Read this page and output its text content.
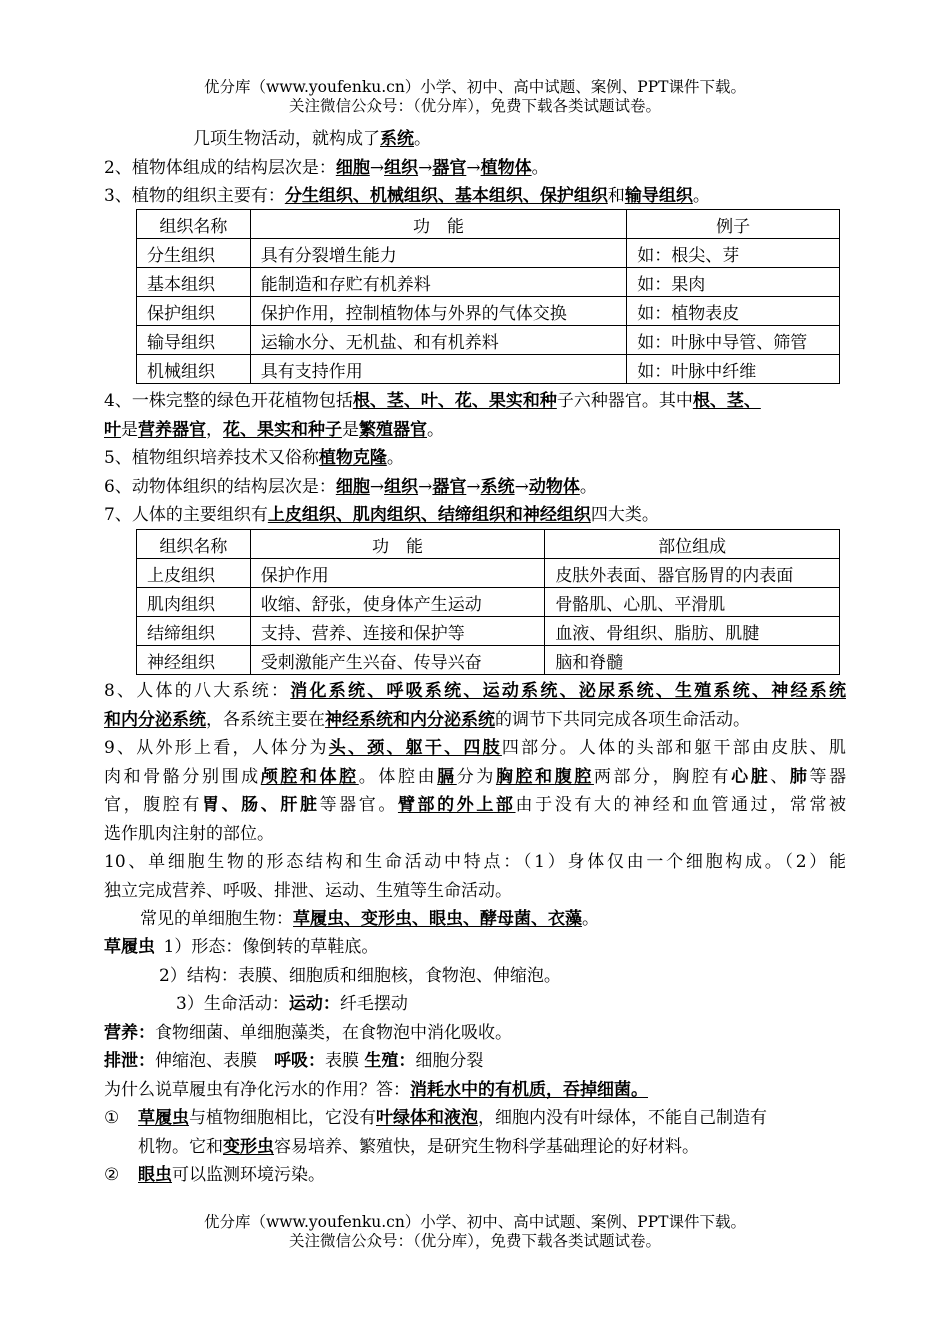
优分库（www.youfenku.cn）小学、初中、高中试题、案例、PPT课件下载。
关注微信公众号：（优分库），免费下载各类试题试卷。
几项生物活动，就构成了系统。
2、植物体组成的结构层次是：细胞→组织→器官→植物体。
3、植物的组织主要有：分生组织、机械组织、基本组织、保护组织和输导组织。
组织名称	功　能	例子
分生组织	具有分裂增生能力	如：根尖、芽
基本组织	能制造和存贮有机养料	如：果肉
保护组织	保护作用，控制植物体与外界的气体交换	如：植物表皮
输导组织	运输水分、无机盐、和有机养料	如：叶脉中导管、筛管
机械组织	具有支持作用	如：叶脉中纤维
4、一株完整的绿色开花植物包括根、茎、叶、花、果实和种子六种器官。其中根、茎、
叶是营养器官，花、果实和种子是繁殖器官。
5、植物组织培养技术又俗称植物克隆。
6、动物体组织的结构层次是：细胞→组织→器官→系统→动物体。
7、人体的主要组织有上皮组织、肌肉组织、结缔组织和神经组织四大类。
组织名称	功　能	部位组成
上皮组织	保护作用	皮肤外表面、器官肠胃的内表面
肌肉组织	收缩、舒张，使身体产生运动	骨骼肌、心肌、平滑肌
结缔组织	支持、营养、连接和保护等	血液、骨组织、脂肪、肌腱
神经组织	受刺激能产生兴奋、传导兴奋	脑和脊髓
8、人体的八大系统：消化系统、呼吸系统、运动系统、泌尿系统、生殖系统、神经系统
和内分泌系统，各系统主要在神经系统和内分泌系统的调节下共同完成各项生命活动。
9、从外形上看，人体分为头、颈、躯干、四肢四部分。人体的头部和躯干部由皮肤、肌
肉和骨骼分别围成颅腔和体腔。体腔由膈分为胸腔和腹腔两部分，胸腔有心脏、肺等器
官，腹腔有胃、肠、肝脏等器官。臂部的外上部由于没有大的神经和血管通过，常常被
选作肌肉注射的部位。
10、单细胞生物的形态结构和生命活动中特点：（1）身体仅由一个细胞构成。（2）能
独立完成营养、呼吸、排泄、运动、生殖等生命活动。
常见的单细胞生物：草履虫、变形虫、眼虫、酵母菌、衣藻。
草履虫  1）形态：像倒转的草鞋底。
2）结构：表膜、细胞质和细胞核，食物泡、伸缩泡。
3）生命活动：运动：纤毛摆动
营养：食物细菌、单细胞藻类，在食物泡中消化吸收。
排泄：伸缩泡、表膜　呼吸：表膜 生殖：细胞分裂
为什么说草履虫有净化污水的作用？答：消耗水中的有机质，吞掉细菌。
① 草履虫与植物细胞相比，它没有叶绿体和液泡，细胞内没有叶绿体，不能自己制造有
机物。它和变形虫容易培养、繁殖快，是研究生物科学基础理论的好材料。
② 眼虫可以监测环境污染。
优分库（www.youfenku.cn）小学、初中、高中试题、案例、PPT课件下载。
关注微信公众号：（优分库），免费下载各类试题试卷。
